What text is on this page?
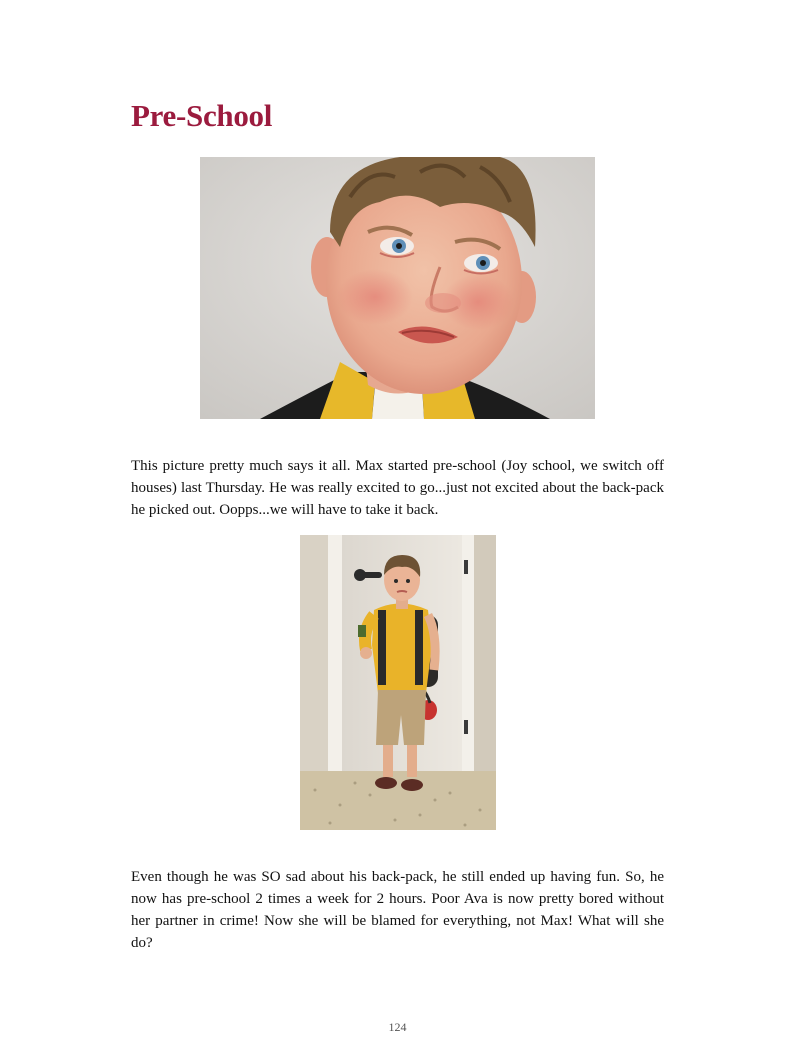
Pre-School

This picture pretty much says it all. Max started pre-school (Joy school, we switch off houses) last Thursday. He was really excited to go...just not excited about the back-pack he picked out. Oopps...we will have to take it back.

Even though he was SO sad about his back-pack, he still ended up having fun. So, he now has pre-school 2 times a week for 2 hours. Poor Ava is now pretty bored without her partner in crime! Now she will be blamed for everything, not Max! What will she do?

124
